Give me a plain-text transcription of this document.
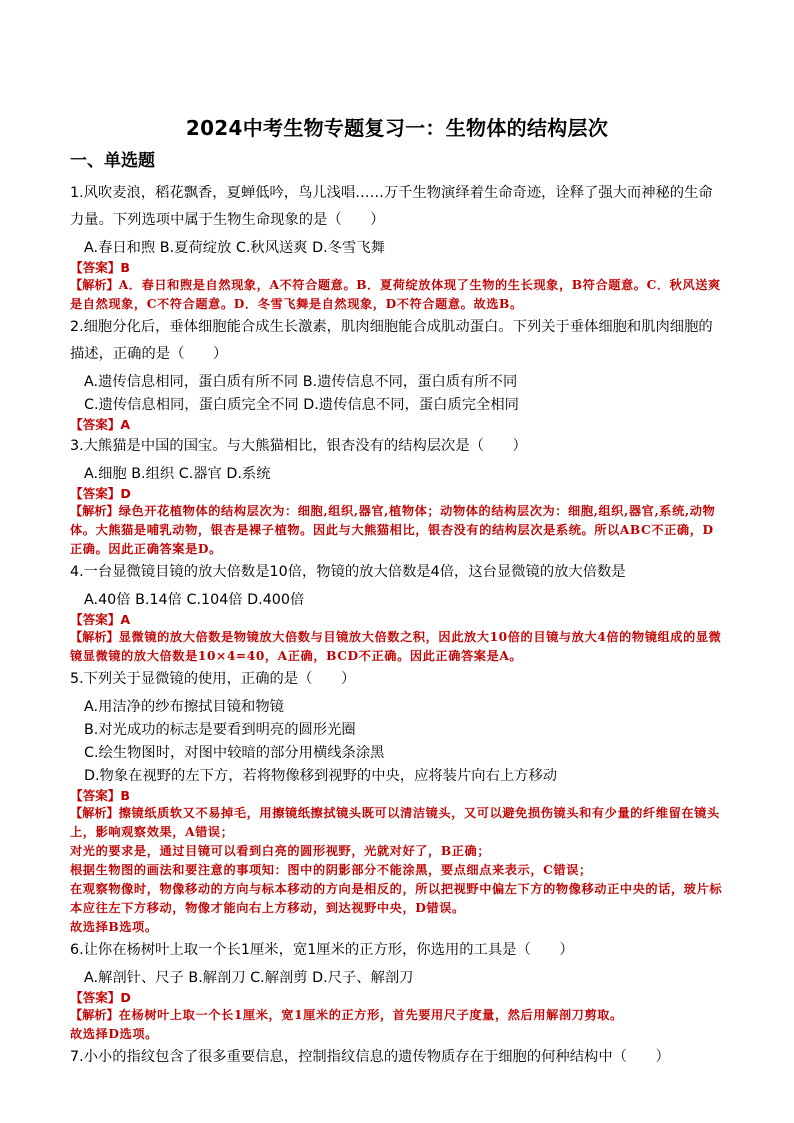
2024中考生物专题复习一：生物体的结构层次
一、单选题

1.风吹麦浪，稻花飘香，夏蝉低吟，鸟儿浅唱……万千生物演绎着生命奇迹，诠释了强大而神秘的生命力量。下列选项中属于生物生命现象的是（　　）

A.春日和煦 B.夏荷绽放 C.秋风送爽 D.冬雪飞舞

【答案】B

【解析】A．春日和煦是自然现象，A不符合题意。B．夏荷绽放体现了生物的生长现象，B符合题意。C．秋风送爽是自然现象，C不符合题意。D．冬雪飞舞是自然现象，D不符合题意。故选B。

2.细胞分化后，垂体细胞能合成生长激素，肌肉细胞能合成肌动蛋白。下列关于垂体细胞和肌肉细胞的描述，正确的是（　　）

A.遗传信息相同，蛋白质有所不同 B.遗传信息不同，蛋白质有所不同

C.遗传信息相同，蛋白质完全不同 D.遗传信息不同，蛋白质完全相同

【答案】A

3.大熊猫是中国的国宝。与大熊猫相比，银杏没有的结构层次是（　　）

A.细胞 B.组织 C.器官 D.系统

【答案】D

【解析】绿色开花植物体的结构层次为：细胞,组织,器官,植物体；动物体的结构层次为：细胞,组织,器官,系统,动物体。大熊猫是哺乳动物，银杏是裸子植物。因此与大熊猫相比，银杏没有的结构层次是系统。所以ABC不正确，D正确。因此正确答案是D。

4.一台显微镜目镜的放大倍数是10倍，物镜的放大倍数是4倍，这台显微镜的放大倍数是

A.40倍 B.14倍 C.104倍 D.400倍

【答案】A

【解析】显微镜的放大倍数是物镜放大倍数与目镜放大倍数之积，因此放大10倍的目镜与放大4倍的物镜组成的显微镜显微镜的放大倍数是10×4=40，A正确，BCD不正确。因此正确答案是A。

5.下列关于显微镜的使用，正确的是（　　）

A.用洁净的纱布擦拭目镜和物镜

B.对光成功的标志是要看到明亮的圆形光圈

C.绘生物图时，对图中较暗的部分用横线条涂黑

D.物象在视野的左下方，若将物像移到视野的中央，应将装片向右上方移动

【答案】B

【解析】擦镜纸质软又不易掉毛，用擦镜纸擦拭镜头既可以清洁镜头，又可以避免损伤镜头和有少量的纤维留在镜头上，影响观察效果，A错误；
对光的要求是，通过目镜可以看到白亮的圆形视野，光就对好了，B正确；
根据生物图的画法和要注意的事项知：图中的阴影部分不能涂黑，要点细点来表示，C错误；
在观察物像时，物像移动的方向与标本移动的方向是相反的，所以把视野中偏左下方的物像移动正中央的话，玻片标本应往左下方移动，物像才能向右上方移动，到达视野中央，D错误。
故选择B选项。

6.让你在杨树叶上取一个长1厘米，宽1厘米的正方形，你选用的工具是（　　）

A.解剖针、尺子 B.解剖刀 C.解剖剪 D.尺子、解剖刀

【答案】D

【解析】在杨树叶上取一个长1厘米，宽1厘米的正方形，首先要用尺子度量，然后用解剖刀剪取。
故选择D选项。

7.小小的指纹包含了很多重要信息，控制指纹信息的遗传物质存在于细胞的何种结构中（　　）
